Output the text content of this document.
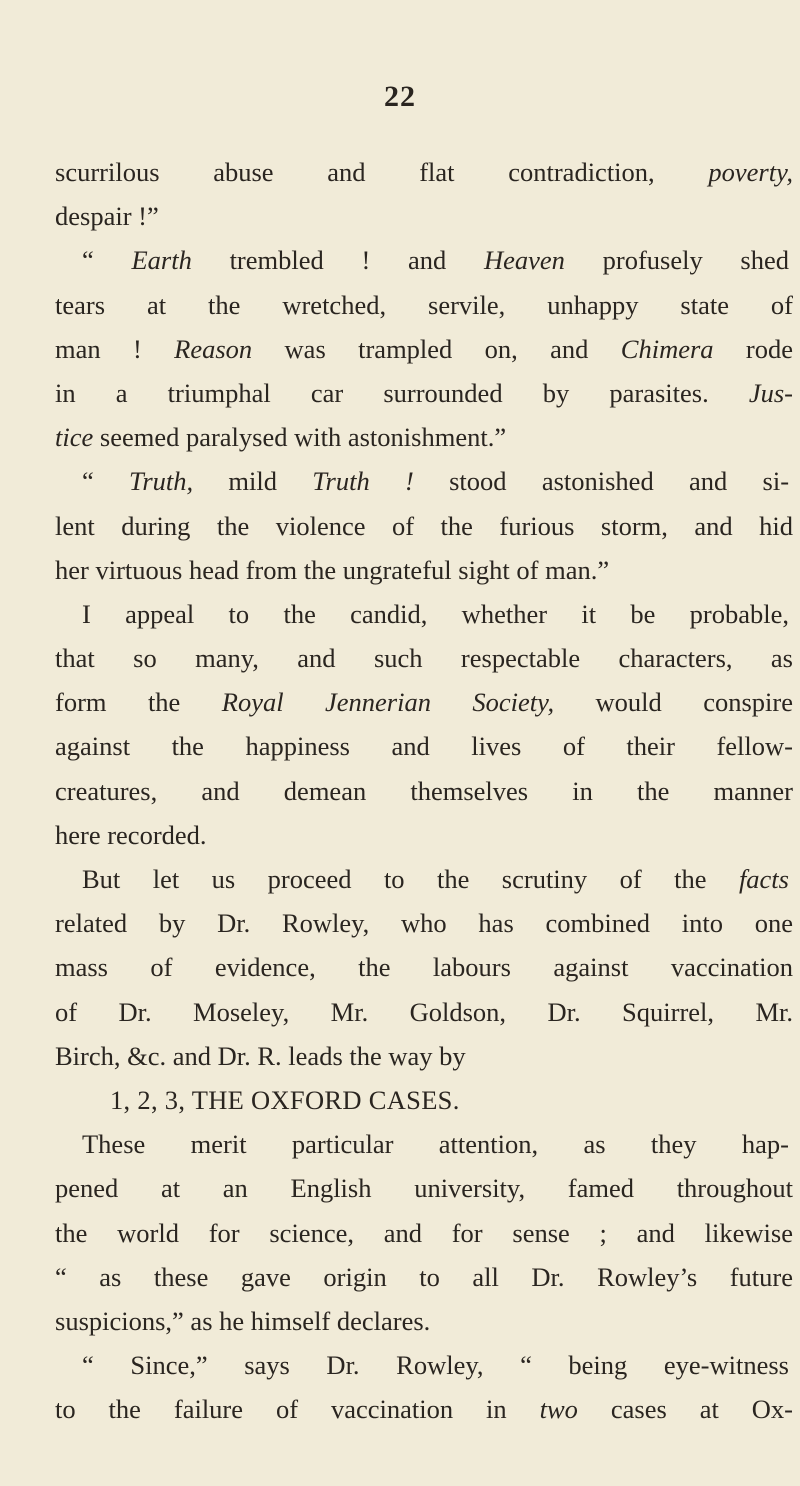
22
scurrilous abuse and flat contradiction, poverty,
despair !”
“ Earth trembled ! and Heaven profusely shed
tears at the wretched, servile, unhappy state of
man ! Reason was trampled on, and Chimera rode
in a triumphal car surrounded by parasites. Jus-
tice seemed paralysed with astonishment.”
“ Truth, mild Truth ! stood astonished and si-
lent during the violence of the furious storm, and hid
her virtuous head from the ungrateful sight of man.”
I appeal to the candid, whether it be probable,
that so many, and such respectable characters, as
form the Royal Jennerian Society, would conspire
against the happiness and lives of their fellow-
creatures, and demean themselves in the manner
here recorded.
But let us proceed to the scrutiny of the facts
related by Dr. Rowley, who has combined into one
mass of evidence, the labours against vaccination
of Dr. Moseley, Mr. Goldson, Dr. Squirrel, Mr.
Birch, &c. and Dr. R. leads the way by
1, 2, 3, THE OXFORD CASES.
These merit particular attention, as they hap-
pened at an English university, famed throughout
the world for science, and for sense ; and likewise
“ as these gave origin to all Dr. Rowley’s future
suspicions,” as he himself declares.
“ Since,” says Dr. Rowley, “ being eye-witness
to the failure of vaccination in two cases at Ox-
